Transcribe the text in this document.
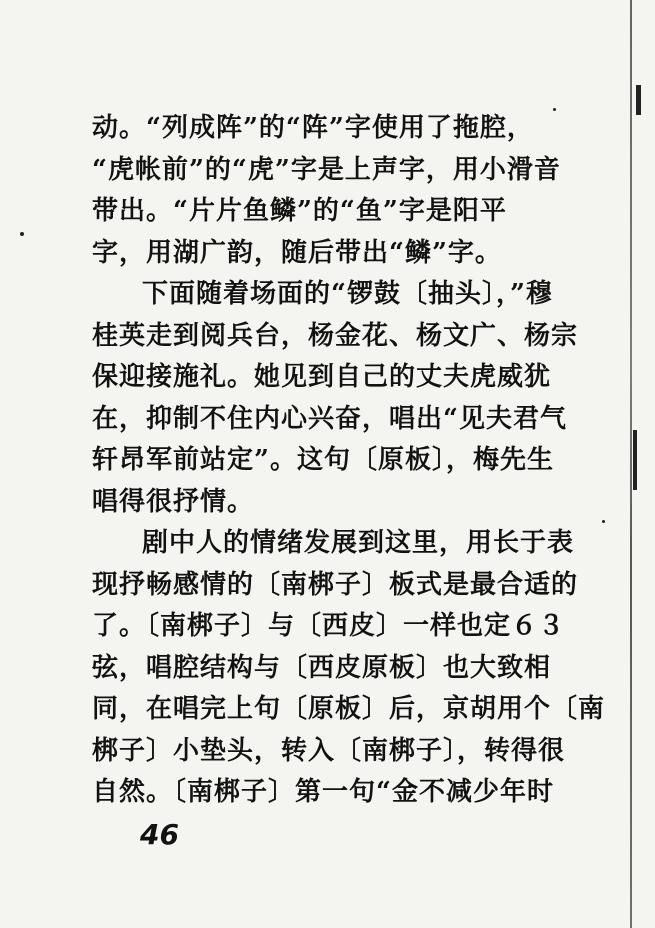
动。“列成阵”的“阵”字使用了拖腔，
“虎帐前”的“虎”字是上声字，用小滑音
带出。“片片鱼鳞”的“鱼”字是阳平
字，用湖广韵，随后带出“鳞”字。
下面随着场面的“锣鼓〔抽头〕，”穆
桂英走到阅兵台，杨金花、杨文广、杨宗
保迎接施礼。她见到自己的丈夫虎威犹
在，抑制不住内心兴奋，唱出“见夫君气
轩昂军前站定”。这句〔原板〕，梅先生
唱得很抒情。
剧中人的情绪发展到这里，用长于表
现抒畅感情的〔南梆子〕板式是最合适的
了。〔南梆子〕与〔西皮〕一样也定６３
弦，唱腔结构与〔西皮原板〕也大致相
同，在唱完上句〔原板〕后，京胡用个〔南
梆子〕小垫头，转入〔南梆子〕，转得很
自然。〔南梆子〕第一句“金不减少年时
46
